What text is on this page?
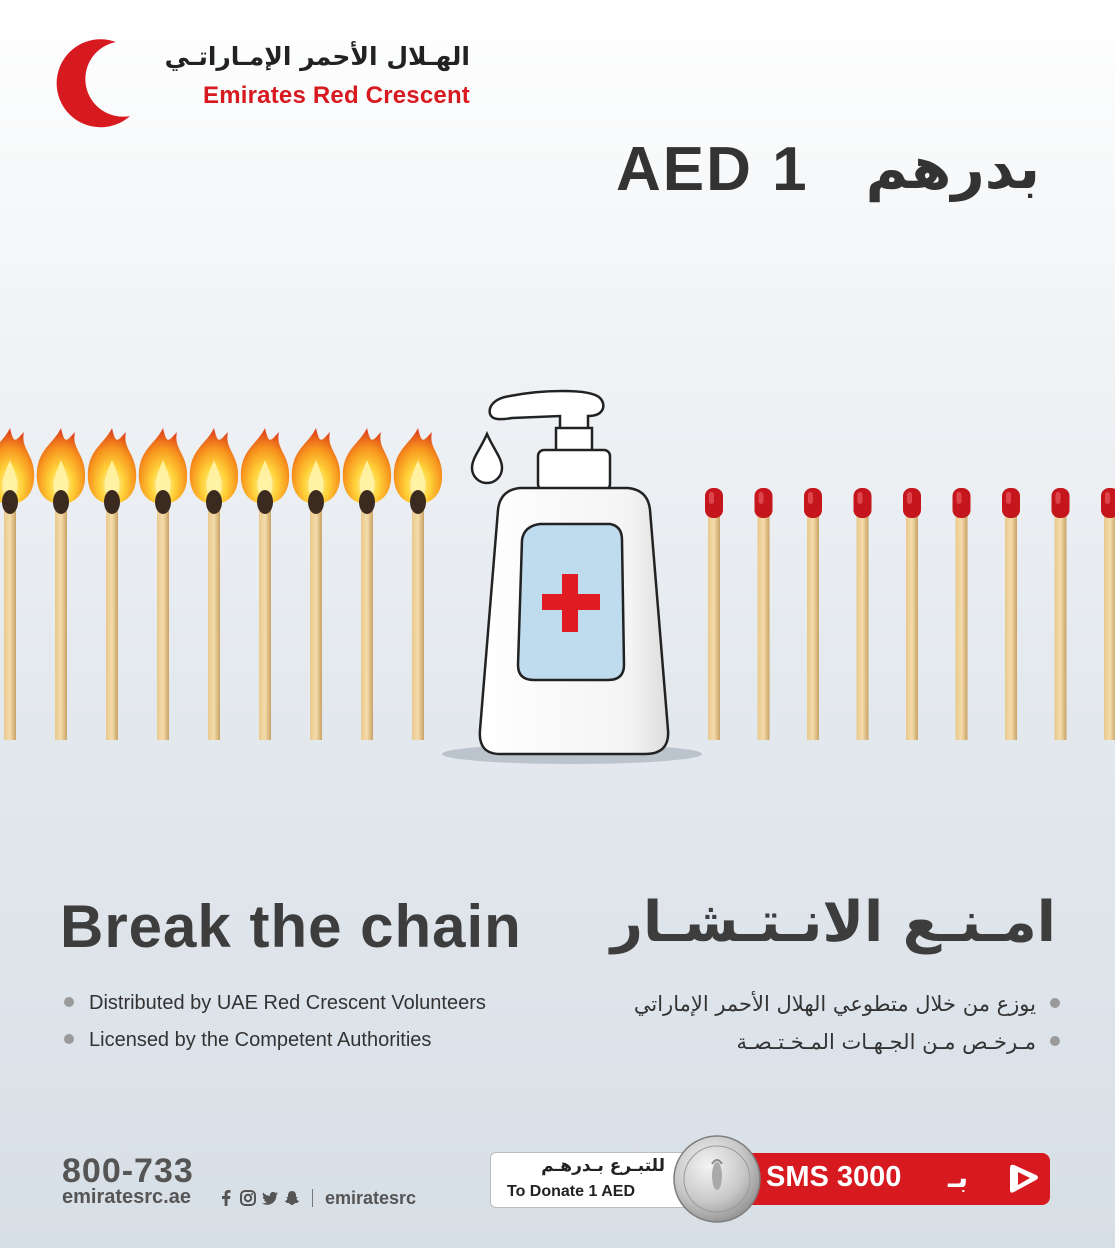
الهـلال الأحمر الإمـاراتـي
Emirates Red Crescent
AED 1 بدرهم
Break the chain	امـنـع الانـتـشـار
Distributed by UAE Red Crescent Volunteers
Licensed by the Competent Authorities
يوزع من خلال متطوعي الهلال الأحمر الإماراتي
مـرخـص مـن الجـهـات المـخـتـصـة
800-733
emiratesrc.ae	emiratesrc
للتبـرع بـدرهـم
To Donate 1 AED	SMS 3000 بـ
